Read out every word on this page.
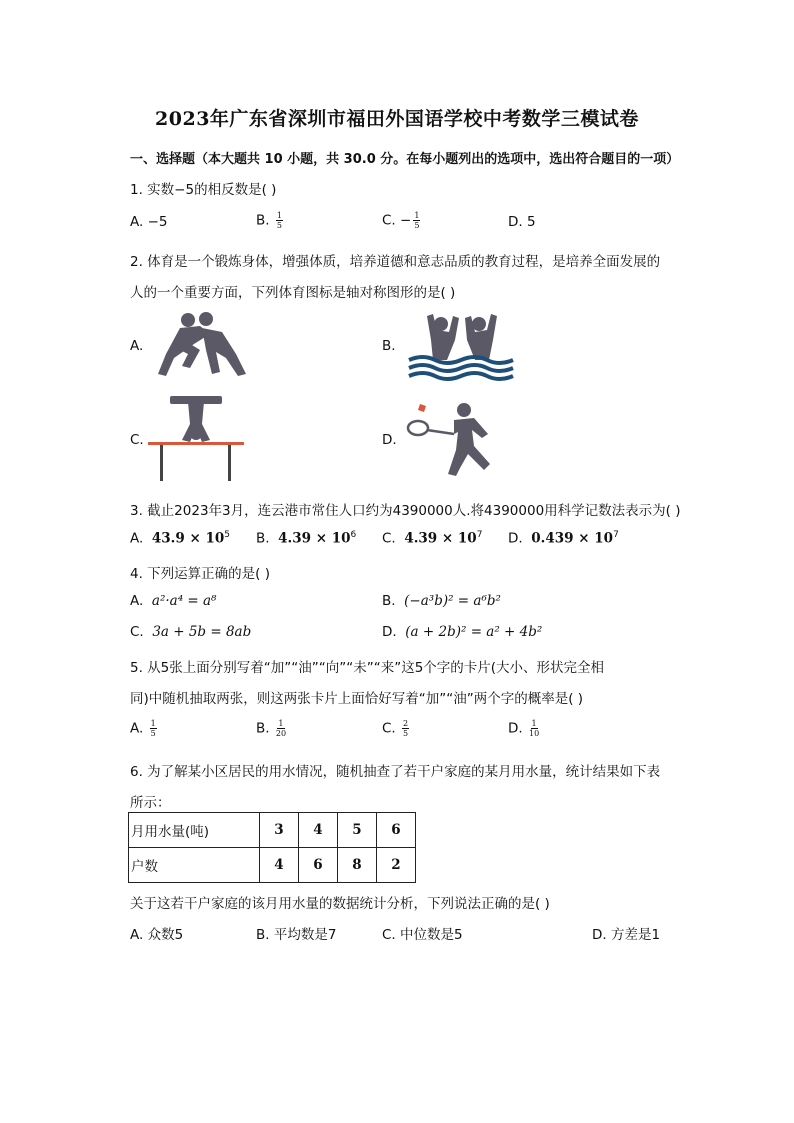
2023年广东省深圳市福田外国语学校中考数学三模试卷
一、选择题（本大题共 10 小题，共 30.0 分。在每小题列出的选项中，选出符合题目的一项）
1. 实数−5的相反数是( )
A. −5	B. $\frac{1}{5}$	C. − $\frac{1}{5}$	D. 5
2. 体育是一个锻炼身体，增强体质，培养道德和意志品质的教育过程，是培养全面发展的
人的一个重要方面，下列体育图标是轴对称图形的是( )
A.	B.
C.	D.
3. 截止2023年3月，连云港市常住人口约为4390000人.将4390000用科学记数法表示为( )
A. $43.9 \times 10^5$ B. $4.39 \times 10^6$ C. $4.39 \times 10^7$ D. $0.439 \times 10^7$
4. 下列运算正确的是( )
A. a²·a⁴ = a⁸	B. (−a³b)² = a⁶b²
C. 3a + 5b = 8ab	D. (a + 2b)² = a² + 4b²
5. 从5张上面分别写着“加”“油”“向”“未”“来”这5个字的卡片(大小、形状完全相
同)中随机抽取两张，则这两张卡片上面恰好写着“加”“油”两个字的概率是( )
A. $\frac{1}{5}$	B. $\frac{1}{20}$	C. $\frac{2}{5}$	D. $\frac{1}{10}$
6. 为了解某小区居民的用水情况，随机抽查了若干户家庭的某月用水量，统计结果如下表
所示：
月用水量(吨)	3	4	5	6
户数	4	6	8	2
关于这若干户家庭的该月用水量的数据统计分析，下列说法正确的是( )
A. 众数5	B. 平均数是7	C. 中位数是5	D. 方差是1
